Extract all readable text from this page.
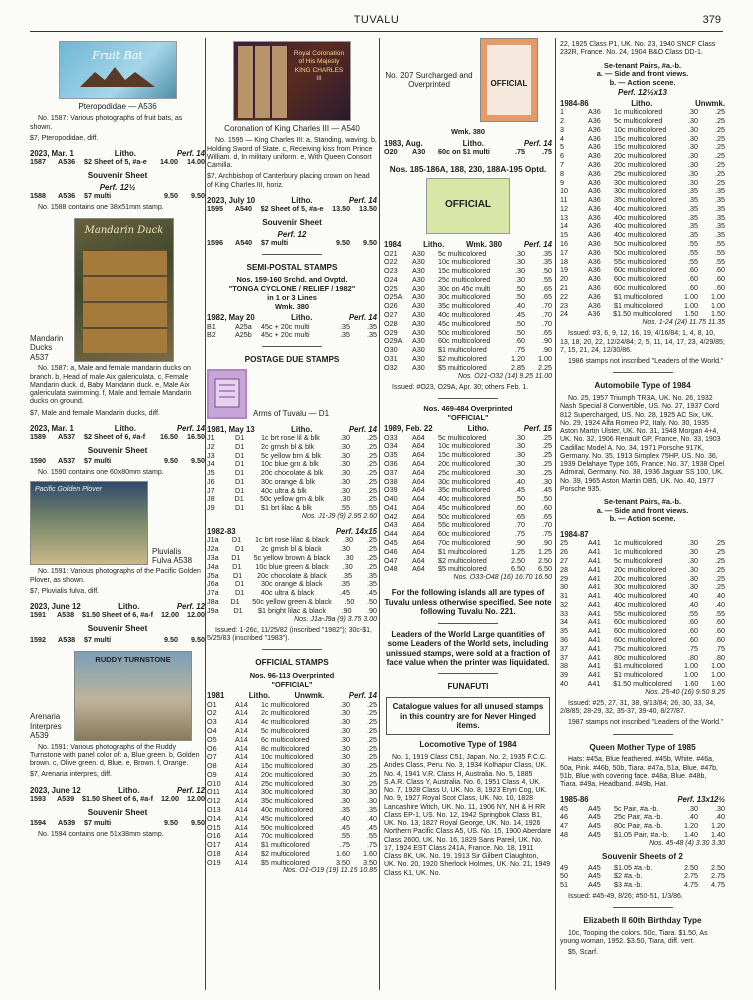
TUVALU	379
Fruit Bat
Pteropodidae — A536
No. 1587: Various photographs of fruit bats, as shown.
$7, Pteropodidae, diff.
2023, Mar. 1	Litho.	Perf. 14
1587	A536	$2 Sheet of 5, #a-e	14.00	14.00
Souvenir Sheet
Perf. 12½
1588	A536	$7 multi	9.50	9.50
No. 1588 contains one 38x51mm stamp.
Mandarin Ducks A537
Mandarin Duck
No. 1587: a, Male and female mandarin ducks on branch. b, Head of male Aix galericulata. c, Female Mandarin duck. d, Baby Mandarin duck. e, Male Aix galericulata swimming. f, Male and female Mandarin ducks on ground.
$7, Male and female Mandarin ducks, diff.
2023, Mar. 1	Litho.	Perf. 14
1589	A537	$2 Sheet of 6, #a-f	16.50	16.50
Souvenir Sheet
1590	A537	$7 multi	9.50	9.50
No. 1590 contains one 60x80mm stamp.
Pacific Golden Plover
Pluvialis Fulva A538
No. 1591: Various photographs of the Pacific Golden Plover, as shown.
$7, Pluvialis fulva, diff.
2023, June 12	Litho.	Perf. 12
1591	A538	$1.50 Sheet of 6, #a-f	12.00	12.00
Souvenir Sheet
1592	A538	$7 multi	9.50	9.50
Arenaria Interpres A539
RUDDY TURNSTONE
No. 1591: Various photographs of the Ruddy Turnstone with panel color of: a, Blue green. b, Golden brown. c, Olive green. d, Blue. e, Brown. f, Orange.
$7, Arenaria interpres, diff.
2023, June 12	Litho.	Perf. 12
1593	A539	$1.50 Sheet of 6, #a-f	12.00	12.00
Souvenir Sheet
1594	A539	$7 multi	9.50	9.50
No. 1594 contains one 51x38mm stamp.
Royal Coronation of His Majesty KING CHARLES III
Coronation of King Charles III — A540
No. 1595 — King Charles III: a, Standing, waving. b, Holding Sword of State. c, Receiving kiss from Prince William. d, In military uniform. e, With Queen Consort Camilla.
$7, Archbishop of Canterbury placing crown on head of King Charles III, horiz.
2023, July 10	Litho.	Perf. 14
1595	A540	$2 Sheet of 5, #a-e	13.50	13.50
Souvenir Sheet
Perf. 12
1596	A540	$7 multi	9.50	9.50
SEMI-POSTAL STAMPS
Nos. 159-160 Srchd. and Ovptd.
"TONGA CYCLONE / RELIEF / 1982"
in 1 or 3 Lines
Wmk. 380
1982, May 20	Litho.	Perf. 14
B1	A25a	45c + 20c multi	.35	.35
B2	A25b	45c + 20c multi	.35	.35
POSTAGE DUE STAMPS
Arms of Tuvalu — D1
1981, May 13	Litho.	Perf. 14
J1	D1	1c brt rose lil & blk	.30	.25
J2	D1	2c grnsh bl & blk	.30	.25
J3	D1	5c yellow brn & blk	.30	.25
J4	D1	10c blue grn & blk	.30	.25
J5	D1	20c chocolate & blk	.30	.25
J6	D1	30c orange & blk	.30	.25
J7	D1	40c ultra & blk	.30	.25
J8	D1	50c yellow grn & blk	.30	.25
J9	D1	$1 brt lilac & blk	.55	.55
Nos. J1-J9 (9) 2.95 2.60
1982-83	Perf. 14x15
J1a	D1	1c brt rose lilac & black	.30	.25
J2a	D1	2c grnsh bl & black	.30	.25
J3a	D1	5c yellow brown & black	.30	.25
J4a	D1	10c blue green & black	.30	.25
J5a	D1	20c chocolate & black	.35	.35
J6a	D1	30c orange & black	.35	.35
J7a	D1	40c ultra & black	.45	.45
J8a	D1	50c yellow green & black	.50	.50
J9a	D1	$1 bright lilac & black	.90	.90
Nos. J1a-J9a (9) 3.75 3.00
Issued: 1-26c, 11/25/82 (inscribed "1982"); 30c-$1, 5/25/83 (inscribed "1983").
OFFICIAL STAMPS
Nos. 96-113 Overprinted
"OFFICIAL"
1981	Litho.	Unwmk.	Perf. 14
O1	A14	1c multicolored	.30	.25
O2	A14	2c multicolored	.30	.25
O3	A14	4c multicolored	.30	.25
O4	A14	5c multicolored	.30	.25
O5	A14	6c multicolored	.30	.25
O6	A14	8c multicolored	.30	.25
O7	A14	10c multicolored	.30	.25
O8	A14	15c multicolored	.30	.25
O9	A14	20c multicolored	.30	.25
O10	A14	25c multicolored	.30	.25
O11	A14	30c multicolored	.30	.30
O12	A14	35c multicolored	.30	.30
O13	A14	40c multicolored	.35	.35
O14	A14	45c multicolored	.40	.40
O15	A14	50c multicolored	.45	.45
O16	A14	70c multicolored	.55	.55
O17	A14	$1 multicolored	.75	.75
O18	A14	$2 multicolored	1.60	1.60
O19	A14	$5 multicolored	3.50	3.50
Nos. O1-O19 (19) 11.15 10.85
No. 207 Surcharged and Overprinted	OFFICIAL
Wmk. 380
1983, Aug.	Litho.	Perf. 14
O20	A30	60c on $1 multi	.75	.75
Nos. 185-186A, 188, 230, 188A-195 Optd.
OFFICIAL
1984	Litho.	Wmk. 380	Perf. 14
O21	A30	5c multicolored	.30	.35
O22	A30	10c multicolored	.30	.35
O23	A30	15c multicolored	.30	.50
O24	A30	25c multicolored	.30	.55
O25	A30	30c on 45c multi	.50	.65
O25A	A30	30c multicolored	.50	.65
O26	A30	35c multicolored	.40	.70
O27	A30	40c multicolored	.45	.70
O28	A30	45c multicolored	.50	.70
O29	A30	50c multicolored	.50	.65
O29A	A30	60c multicolored	.60	.90
O30	A30	$1 multicolored	.75	.90
O31	A30	$2 multicolored	1.20	1.00
O32	A30	$5 multicolored	2.85	2.25
Nos. O21-O32 (14) 9.25 11.00
Issued: #O23, O29A, Apr. 30; others Feb. 1.
Nos. 469-484 Overprinted
"OFFICIAL"
1989, Feb. 22	Litho.	Perf. 15
O33	A64	5c multicolored	.30	.25
O34	A64	10c multicolored	.30	.25
O35	A64	15c multicolored	.30	.25
O36	A64	20c multicolored	.30	.25
O37	A64	25c multicolored	.30	.25
O38	A64	30c multicolored	.40	.30
O39	A64	35c multicolored	.45	.45
O40	A64	40c multicolored	.50	.50
O41	A64	45c multicolored	.60	.60
O42	A64	50c multicolored	.65	.65
O43	A64	55c multicolored	.70	.70
O44	A64	60c multicolored	.75	.75
O45	A64	70c multicolored	.90	.90
O46	A64	$1 multicolored	1.25	1.25
O47	A64	$2 multicolored	2.50	2.50
O48	A64	$5 multicolored	6.50	6.50
Nos. O33-O48 (16) 16.70 16.50
For the following islands all are types of Tuvalu unless otherwise specified. See note following Tuvalu No. 221.
Leaders of the World Large quantities of some Leaders of the World sets, including unissued stamps, were sold at a fraction of face value when the printer was liquidated.
FUNAFUTI
Catalogue values for all unused stamps in this country are for Never Hinged items.
Locomotive Type of 1984
No. 1, 1919 Class C51, Japan. No. 2, 1935 F.C.C. Andes Class, Peru. No. 3, 1934 Kolhapur Class, UK. No. 4, 1941 V.R. Class H, Australia. No. 5, 1885 S.A.R. Class Y, Australia. No. 6, 1951 Class 4, UK. No. 7, 1928 Class U, UK. No. 8, 1923 Eryri Cog, UK. No. 9, 1927 Royal Scot Class, UK. No. 10, 1828 Lancashire Witch, UK. No. 11, 1906 NY, NH & H RR Class EP-1, US. No. 12, 1942 Springbok Class B1, UK. No. 13, 1827 Royal George, UK. No. 14, 1926 Northern Pacific Class A5, US. No. 15, 1900 Aberdare Class 2600, UK. No. 16, 1829 Sans Pareil, UK. No. 17, 1924 EST Class 241A, France. No. 18, 1911 Class 8K, UK. No. 19, 1913 Sir Gilbert Claughton, UK. No. 20, 1920 Sherlock Holmes, UK. No. 21, 1949 Class K1, UK. No.
22, 1925 Class P1, UK. No. 23, 1940 SNCF Class 232R, France. No. 24, 1904 B&O Class DD-1.
Se-tenant Pairs, #a.-b.
a. — Side and front views.
b. — Action scene.
Perf. 12½x13
1984-86	Litho.	Unwmk.
1	A36	1c multicolored	.30	.25
2	A36	5c multicolored	.30	.25
3	A36	10c multicolored	.30	.25
4	A36	15c multicolored	.30	.25
5	A36	15c multicolored	.30	.25
6	A36	20c multicolored	.30	.25
7	A36	20c multicolored	.30	.25
8	A36	25c multicolored	.30	.25
9	A36	30c multicolored	.30	.25
10	A36	30c multicolored	.35	.35
11	A36	35c multicolored	.35	.35
12	A36	40c multicolored	.35	.35
13	A36	40c multicolored	.35	.35
14	A36	40c multicolored	.35	.35
15	A36	40c multicolored	.35	.35
16	A36	50c multicolored	.55	.55
17	A36	50c multicolored	.55	.55
18	A36	55c multicolored	.55	.55
19	A36	60c multicolored	.60	.60
20	A36	60c multicolored	.60	.60
21	A36	60c multicolored	.60	.60
22	A36	$1 multicolored	1.00	1.00
23	A36	$1 multicolored	1.00	1.00
24	A36	$1.50 multicolored	1.50	1.50
Nos. 1-24 (24) 11.75 11.35
Issued: #3, 6, 9, 12, 16, 19, 4/16/84; 1, 4, 8, 10, 13, 18, 20, 22, 12/24/84; 2, 5, 11, 14, 17, 23, 4/29/85; 7, 15, 21, 24, 12/30/86.
1986 stamps not inscribed "Leaders of the World."
Automobile Type of 1984
No. 25, 1957 Triumph TR3A, UK. No. 26, 1932 Nash Special 8 Convertible, US. No. 27, 1937 Cord 812 Supercharged, US. No. 28, 1925 AC Six, UK. No. 29, 1924 Alfa Romeo P2, Italy. No. 30, 1935 Aston Martin Ulster, UK. No. 31, 1948 Morgan 4+4, UK. No. 32, 1906 Renault GP, France. No. 33, 1903 Cadillac Model A. No. 34, 1971 Porsche 917K, Germany. No. 35, 1913 Simplex 75HP, US. No. 36, 1939 Delahaye Type 165, France. No. 37, 1938 Opel Admiral, Germany. No. 38, 1936 Jaguar SS 100, UK. No. 39, 1965 Aston Martin DB5, UK. No. 40, 1977 Porsche 935.
Se-tenant Pairs, #a.-b.
a. — Side and front views.
b. — Action scene.
1984-87
25	A41	1c multicolored	.30	.25
26	A41	1c multicolored	.30	.25
27	A41	5c multicolored	.30	.25
28	A41	20c multicolored	.30	.25
29	A41	20c multicolored	.30	.25
30	A41	30c multicolored	.30	.25
31	A41	40c multicolored	.40	.40
32	A41	40c multicolored	.40	.40
33	A41	55c multicolored	.55	.55
34	A41	60c multicolored	.60	.60
35	A41	60c multicolored	.60	.60
36	A41	60c multicolored	.60	.60
37	A41	75c multicolored	.75	.75
37	A41	80c multicolored	.80	.80
38	A41	$1 multicolored	1.00	1.00
39	A41	$1 multicolored	1.00	1.00
40	A41	$1.50 multicolored	1.60	1.60
Nos. 25-40 (16) 9.50 9.25
Issued: #25, 27, 31, 38, 9/13/84; 26, 30, 33, 34, 2/8/85; 28-29, 32, 35-37, 39-40, 8/27/87.
1987 stamps not inscribed "Leaders of the World."
Queen Mother Type of 1985
Hats: #45a, Blue feathered. #45b, White. #46a, 50a, Pink. #46b, 50b, Tiara. #47a, 51a, Blue. #47b, 51b, Blue with covering face. #48a, Blue. #48b, Tiara. #49a, Headband. #49b, Hat.
1985-86	Perf. 13x12½
45	A45	5c Pair, #a.-b.	.30	.30
46	A45	25c Pair, #a.-b.	.40	.40
47	A45	80c Pair, #a.-b.	1.20	1.20
48	A45	$1.05 Pair, #a.-b.	1.40	1.40
Nos. 45-48 (4) 3.30 3.30
Souvenir Sheets of 2
49	A45	$1.05 #a.-b.	2.50	2.50
50	A45	$2 #a.-b.	2.75	2.75
51	A45	$3 #a.-b.	4.75	4.75
Issued: #45-49, 8/26; #50-51, 1/3/86.
Elizabeth II 60th Birthday Type
10c, Tooping the colors. 50c, Tiara. $1.50, As young woman, 1952. $3.50, Tiara, diff. vert.
$5, Scarf.
